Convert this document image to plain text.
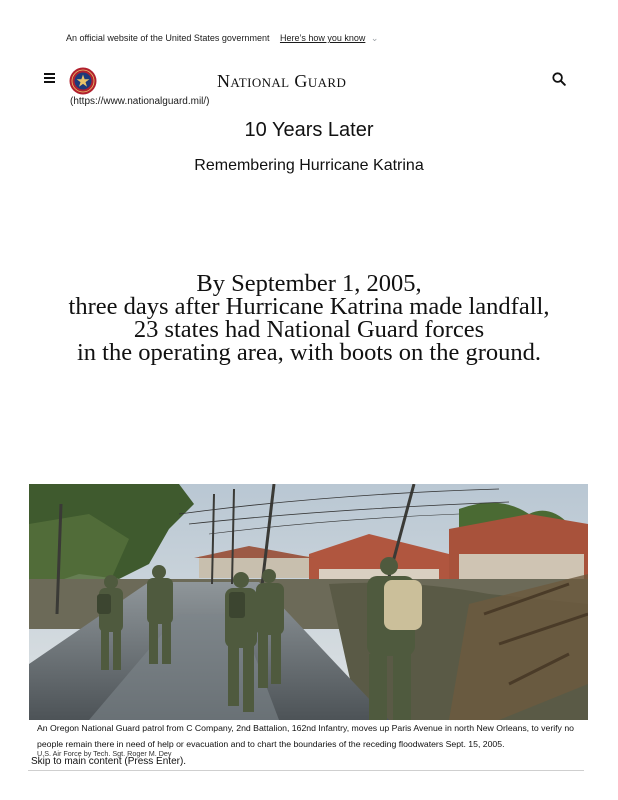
An official website of the United States government Here’s how you know ⌄
National Guard
(https://www.nationalguard.mil/)
10 Years Later
Remembering Hurricane Katrina
By September 1, 2005,
three days after Hurricane Katrina made landfall,
23 states had National Guard forces
in the operating area, with boots on the ground.
An Oregon National Guard patrol from C Company, 2nd Battalion, 162nd Infantry, moves up Paris Avenue in north New Orleans, to verify no people remain there in need of help or evacuation and to chart the boundaries of the receding floodwaters Sept. 15, 2005.
U.S. Air Force by Tech. Sgt. Roger M. Dey
Skip to main content (Press Enter).
